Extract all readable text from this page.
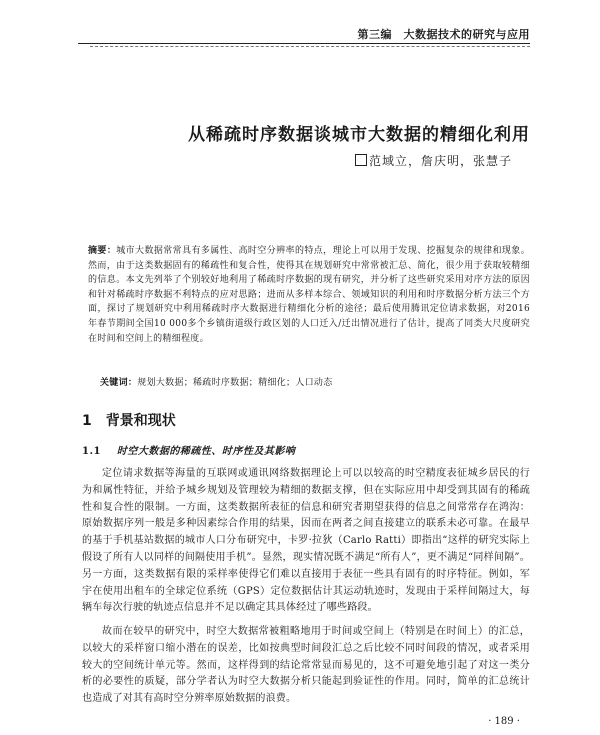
第三编　大数据技术的研究与应用
从稀疏时序数据谈城市大数据的精细化利用
范域立，詹庆明，张慧子
摘要：城市大数据常常具有多属性、高时空分辨率的特点，理论上可以用于发现、挖掘复杂的规律和现象。然而，由于这类数据固有的稀疏性和复合性，使得其在规划研究中常常被汇总、简化，很少用于获取较精细的信息。本文先列举了个别较好地利用了稀疏时序数据的现有研究，并分析了这些研究采用对序方法的原因和针对稀疏时序数据不利特点的应对思路；进而从多样本综合、领域知识的利用和时序数据分析方法三个方面，探讨了规划研究中利用稀疏时序大数据进行精细化分析的途径；最后使用腾讯定位请求数据，对2016年春节期间全国10 000多个乡镇街道级行政区划的人口迁入/迁出情况进行了估计，提高了同类大尺度研究在时间和空间上的精细程度。
关键词：规划大数据；稀疏时序数据；精细化；人口动态
1 背景和现状
1.1 时空大数据的稀疏性、时序性及其影响

定位请求数据等海量的互联网或通讯网络数据理论上可以以较高的时空精度表征城乡居民的行为和属性特征，并给予城乡规划及管理较为精细的数据支撑，但在实际应用中却受到其固有的稀疏性和复合性的限制。一方面，这类数据所表征的信息和研究者期望获得的信息之间常常存在鸿沟：原始数据序列一般是多种因素综合作用的结果，因而在两者之间直接建立的联系未必可靠。在最早的基于手机基站数据的城市人口分布研究中，卡罗·拉狄（Carlo Ratti）即指出“这样的研究实际上假设了所有人以同样的间隔使用手机”。显然，现实情况既不满足“所有人”，更不满足“同样间隔”。另一方面，这类数据有限的采样率使得它们难以直接用于表征一些具有固有的时序特征。例如，军宇在使用出租车的全球定位系统（GPS）定位数据估计其运动轨迹时，发现由于采样间隔过大，每辆车每次行驶的轨迹点信息并不足以确定其具体经过了哪些路段。

故而在较早的研究中，时空大数据常被粗略地用于时间或空间上（特别是在时间上）的汇总，以较大的采样窗口缩小潜在的误差，比如按典型时间段汇总之后比较不同时间段的情况，或者采用较大的空间统计单元等。然而，这样得到的结论常常显而易见的，这不可避免地引起了对这一类分析的必要性的质疑，部分学者认为时空大数据分析只能起到验证性的作用。同时，简单的汇总统计也造成了对其有高时空分辨率原始数据的浪费。

· 189 ·
